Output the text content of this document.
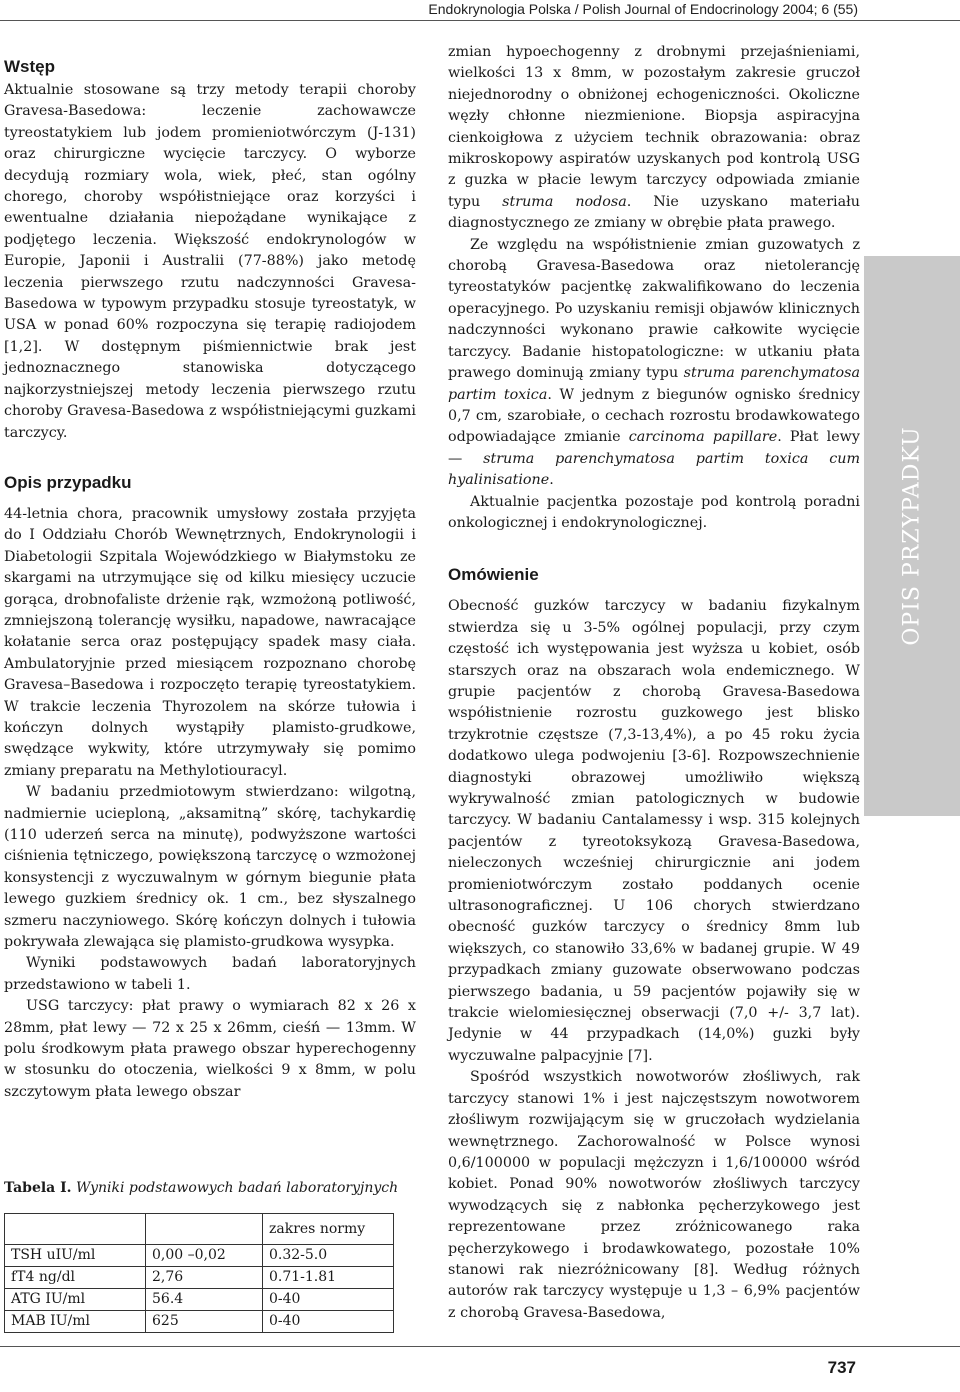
Endokrynologia Polska / Polish Journal of Endocrinology 2004; 6 (55)
Wstęp

Aktualnie stosowane są trzy metody terapii choroby Gravesa-Basedowa: leczenie zachowawcze tyreostatykiem lub jodem promieniotwórczym (J-131) oraz chirurgiczne wycięcie tarczycy. O wyborze decydują rozmiary wola, wiek, płeć, stan ogólny chorego, choroby współistniejące oraz korzyści i ewentualne działania niepożądane wynikające z podjętego leczenia. Większość endokrynologów w Europie, Japonii i Australii (77-88%) jako metodę leczenia pierwszego rzutu nadczynności Gravesa-Basedowa w typowym przypadku stosuje tyreostatyk, w USA w ponad 60% rozpoczyna się terapię radiojodem [1,2]. W dostępnym piśmiennictwie brak jest jednoznacznego stanowiska dotyczącego najkorzystniejszej metody leczenia pierwszego rzutu choroby Gravesa-Basedowa z współistniejącymi guzkami tarczycy.

Opis przypadku

44-letnia chora, pracownik umysłowy została przyjęta do I Oddziału Chorób Wewnętrznych, Endokrynologii i Diabetologii Szpitala Wojewódzkiego w Białymstoku ze skargami na utrzymujące się od kilku miesięcy uczucie gorąca, drobnofaliste drżenie rąk, wzmożoną potliwość, zmniejszoną tolerancję wysiłku, napadowe, nawracające kołatanie serca oraz postępujący spadek masy ciała. Ambulatoryjnie przed miesiącem rozpoznano chorobę Gravesa–Basedowa i rozpoczęto terapię tyreostatykiem. W trakcie leczenia Thyrozolem na skórze tułowia i kończyn dolnych wystąpiły plamisto-grudkowe, swędzące wykwity, które utrzymywały się pomimo zmiany preparatu na Methylotiouracyl.

W badaniu przedmiotowym stwierdzano: wilgotną, nadmiernie ucieploną, „aksamitną” skórę, tachykardię (110 uderzeń serca na minutę), podwyższone wartości ciśnienia tętniczego, powiększoną tarczycę o wzmożonej konsystencji z wyczuwalnym w górnym biegunie płata lewego guzkiem średnicy ok. 1 cm., bez słyszalnego szmeru naczyniowego. Skórę kończyn dolnych i tułowia pokrywała zlewająca się plamisto-grudkowa wysypka.

Wyniki podstawowych badań laboratoryjnych przedstawiono w tabeli 1.

USG tarczycy: płat prawy o wymiarach 82 x 26 x 28mm, płat lewy — 72 x 25 x 26mm, cieśń — 13mm. W polu środkowym płata prawego obszar hyperechogenny w stosunku do otoczenia, wielkości 9 x 8mm, w polu szczytowym płata lewego obszar

Tabela I. Wyniki podstawowych badań laboratoryjnych

		zakres normy
TSH uIU/ml	0,00 –0,02	0.32-5.0
fT4 ng/dl	2,76	0.71-1.81
ATG IU/ml	56.4	0-40
MAB IU/ml	625	0-40

zmian hypoechogenny z drobnymi przejaśnieniami, wielkości 13 x 8mm, w pozostałym zakresie gruczoł niejednorodny o obniżonej echogeniczności. Okoliczne węzły chłonne niezmienione. Biopsja aspiracyjna cienkoigłowa z użyciem technik obrazowania: obraz mikroskopowy aspiratów uzyskanych pod kontrolą USG z guzka w płacie lewym tarczycy odpowiada zmianie typu struma nodosa. Nie uzyskano materiału diagnostycznego ze zmiany w obrębie płata prawego.

Ze względu na współistnienie zmian guzowatych z chorobą Gravesa-Basedowa oraz nietolerancję tyreostatyków pacjentkę zakwalifikowano do leczenia operacyjnego. Po uzyskaniu remisji objawów klinicznych nadczynności wykonano prawie całkowite wycięcie tarczycy. Badanie histopatologiczne: w utkaniu płata prawego dominują zmiany typu struma parenchymatosa partim toxica. W jednym z biegunów ognisko średnicy 0,7 cm, szarobiałe, o cechach rozrostu brodawkowatego odpowiadające zmianie carcinoma papillare. Płat lewy — struma parenchymatosa partim toxica cum hyalinisatione.

Aktualnie pacjentka pozostaje pod kontrolą poradni onkologicznej i endokrynologicznej.

Omówienie

Obecność guzków tarczycy w badaniu fizykalnym stwierdza się u 3-5% ogólnej populacji, przy czym częstość ich występowania jest wyższa u kobiet, osób starszych oraz na obszarach wola endemicznego. W grupie pacjentów z chorobą Gravesa-Basedowa współistnienie rozrostu guzkowego jest blisko trzykrotnie częstsze (7,3-13,4%), a po 45 roku życia dodatkowo ulega podwojeniu [3-6]. Rozpowszechnienie diagnostyki obrazowej umożliwiło większą wykrywalność zmian patologicznych w budowie tarczycy. W badaniu Cantalamessy i wsp. 315 kolejnych pacjentów z tyreotoksykozą Gravesa-Basedowa, nieleczonych wcześniej chirurgicznie ani jodem promieniotwórczym zostało poddanych ocenie ultrasonograficznej. U 106 chorych stwierdzano obecność guzków tarczycy o średnicy 8mm lub większych, co stanowiło 33,6% w badanej grupie. W 49 przypadkach zmiany guzowate obserwowano podczas pierwszego badania, u 59 pacjentów pojawiły się w trakcie wielomiesięcznej obserwacji (7,0 +/- 3,7 lat). Jedynie w 44 przypadkach (14,0%) guzki były wyczuwalne palpacyjnie [7].

Spośród wszystkich nowotworów złośliwych, rak tarczycy stanowi 1% i jest najczęstszym nowotworem złośliwym rozwijającym się w gruczołach wydzielania wewnętrznego. Zachorowalność w Polsce wynosi 0,6/100000 w populacji mężczyzn i 1,6/100000 wśród kobiet. Ponad 90% nowotworów złośliwych tarczycy wywodzących się z nabłonka pęcherzykowego jest reprezentowane przez zróżnicowanego raka pęcherzykowego i brodawkowatego, pozostałe 10% stanowi rak niezróżnicowany [8]. Według różnych autorów rak tarczycy występuje u 1,3 – 6,9% pacjentów z chorobą Gravesa-Basedowa,

OPIS PRZYPADKU
737
